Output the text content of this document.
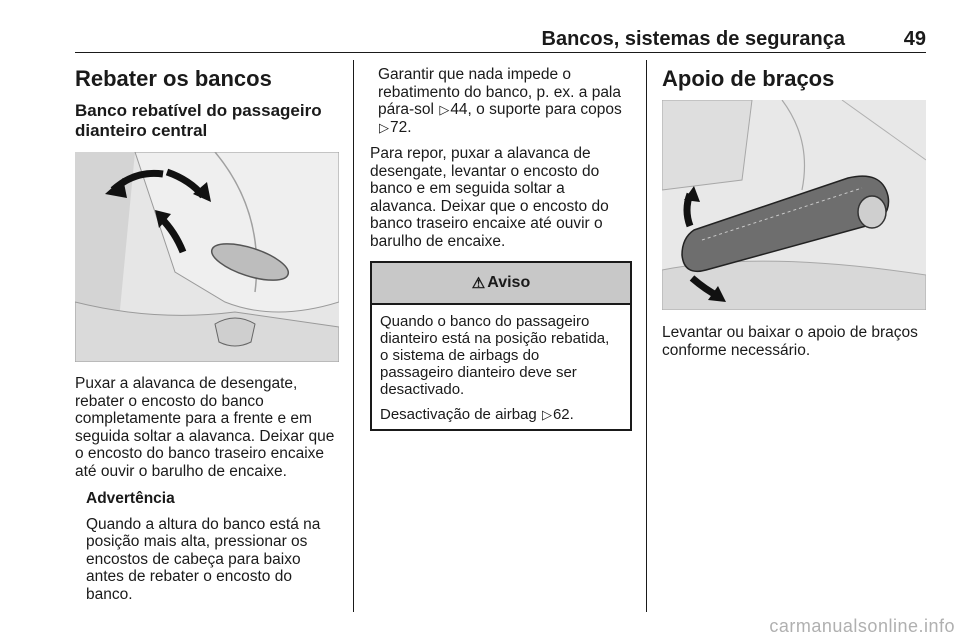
Bancos, sistemas de segurança	49
Rebater os bancos
Banco rebatível do passageiro
dianteiro central

Puxar a alavanca de desengate,
rebater o encosto do banco
completamente para a frente e em
seguida soltar a alavanca. Deixar que
o encosto do banco traseiro encaixe
até ouvir o barulho de encaixe.

Advertência
Quando a altura do banco está na
posição mais alta, pressionar os
encostos de cabeça para baixo
antes de rebater o encosto do
banco.
Garantir que nada impede o
rebatimento do banco, p. ex. a pala
pára-sol ▷44, o suporte para copos
▷72.
Para repor, puxar a alavanca de
desengate, levantar o encosto do
banco e em seguida soltar a
alavanca. Deixar que o encosto do
banco traseiro encaixe até ouvir o
barulho de encaixe.
⚠ Aviso
Quando o banco do passageiro
dianteiro está na posição rebatida,
o sistema de airbags do
passageiro dianteiro deve ser
desactivado.
Desactivação de airbag ▷62.
Apoio de braços
Levantar ou baixar o apoio de braços
conforme necessário.
carmanualsonline.info
